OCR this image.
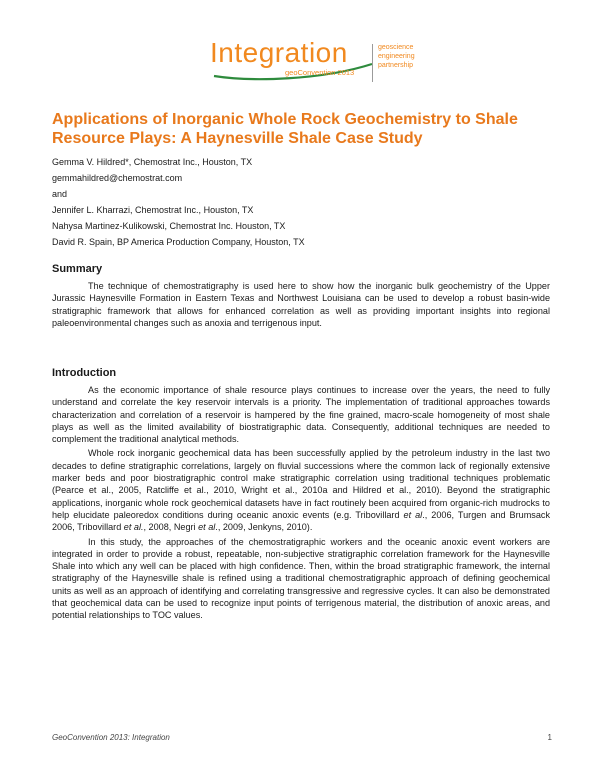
Integration
geoConvention 2013
geoscience
engineering
partnership
Applications of Inorganic Whole Rock Geochemistry to Shale Resource Plays: A Haynesville Shale Case Study
Gemma V. Hildred*, Chemostrat Inc., Houston, TX
gemmahildred@chemostrat.com
and
Jennifer L. Kharrazi, Chemostrat Inc., Houston, TX
Nahysa Martinez-Kulikowski, Chemostrat Inc. Houston, TX
David R. Spain, BP America Production Company, Houston, TX
Summary

The technique of chemostratigraphy is used here to show how the inorganic bulk geochemistry of the Upper Jurassic Haynesville Formation in Eastern Texas and Northwest Louisiana can be used to develop a robust basin-wide stratigraphic framework that allows for enhanced correlation as well as providing important insights into regional paleoenvironmental changes such as anoxia and terrigenous input.

Introduction

As the economic importance of shale resource plays continues to increase over the years, the need to fully understand and correlate the key reservoir intervals is a priority. The implementation of traditional approaches towards characterization and correlation of a reservoir is hampered by the fine grained, macro-scale homogeneity of most shale plays as well as the limited availability of biostratigraphic data. Consequently, additional techniques are needed to complement the traditional analytical methods.

Whole rock inorganic geochemical data has been successfully applied by the petroleum industry in the last two decades to define stratigraphic correlations, largely on fluvial successions where the common lack of regionally extensive marker beds and poor biostratigraphic control make stratigraphic correlation using traditional techniques problematic (Pearce et al., 2005, Ratcliffe et al., 2010, Wright et al., 2010a and Hildred et al., 2010). Beyond the stratigraphic applications, inorganic whole rock geochemical datasets have in fact routinely been acquired from organic-rich mudrocks to help elucidate paleoredox conditions during oceanic anoxic events (e.g. Tribovillard et al., 2006, Turgen and Brumsack 2006, Tribovillard et al., 2008, Negri et al., 2009, Jenkyns, 2010).

In this study, the approaches of the chemostratigraphic workers and the oceanic anoxic event workers are integrated in order to provide a robust, repeatable, non-subjective stratigraphic correlation framework for the Haynesville Shale into which any well can be placed with high confidence. Then, within the broad stratigraphic framework, the internal stratigraphy of the Haynesville shale is refined using a traditional chemostratigraphic approach of defining geochemical units as well as an approach of identifying and correlating transgressive and regressive cycles. It can also be demonstrated that geochemical data can be used to recognize input points of terrigenous material, the distribution of anoxic areas, and potential relationships to TOC values.

GeoConvention 2013: Integration	1
